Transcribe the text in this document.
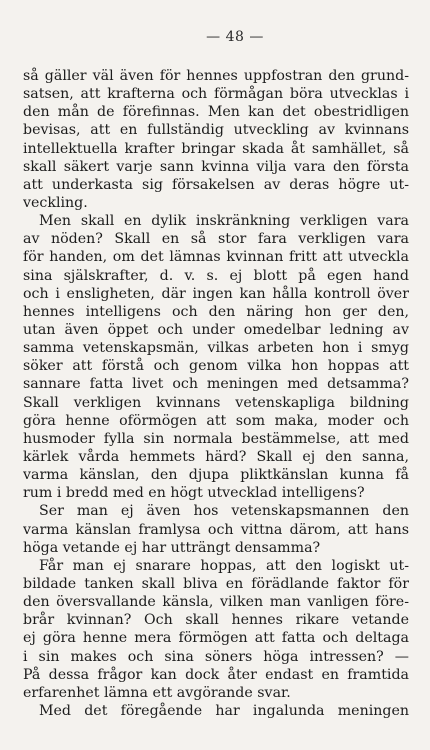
— 48 —
så gäller väl även för hennes uppfostran den grund-
satsen, att krafterna och förmågan böra utvecklas i
den mån de förefinnas. Men kan det obestridligen
bevisas, att en fullständig utveckling av kvinnans
intellektuella krafter bringar skada åt samhället, så
skall säkert varje sann kvinna vilja vara den första
att underkasta sig försakelsen av deras högre ut-
veckling.
Men skall en dylik inskränkning verkligen vara
av nöden? Skall en så stor fara verkligen vara
för handen, om det lämnas kvinnan fritt att utveckla
sina själskrafter, d. v. s. ej blott på egen hand
och i ensligheten, där ingen kan hålla kontroll över
hennes intelligens och den näring hon ger den,
utan även öppet och under omedelbar ledning av
samma vetenskapsmän, vilkas arbeten hon i smyg
söker att förstå och genom vilka hon hoppas att
sannare fatta livet och meningen med detsamma?
Skall verkligen kvinnans vetenskapliga bildning
göra henne oförmögen att som maka, moder och
husmoder fylla sin normala bestämmelse, att med
kärlek vårda hemmets härd? Skall ej den sanna,
varma känslan, den djupa pliktkänslan kunna få
rum i bredd med en högt utvecklad intelligens?
Ser man ej även hos vetenskapsmannen den
varma känslan framlysa och vittna därom, att hans
höga vetande ej har utträngt densamma?
Får man ej snarare hoppas, att den logiskt ut-
bildade tanken skall bliva en förädlande faktor för
den översvallande känsla, vilken man vanligen före-
brår kvinnan? Och skall hennes rikare vetande
ej göra henne mera förmögen att fatta och deltaga
i sin makes och sina söners höga intressen? —
På dessa frågor kan dock åter endast en framtida
erfarenhet lämna ett avgörande svar.
Med det föregående har ingalunda meningen
